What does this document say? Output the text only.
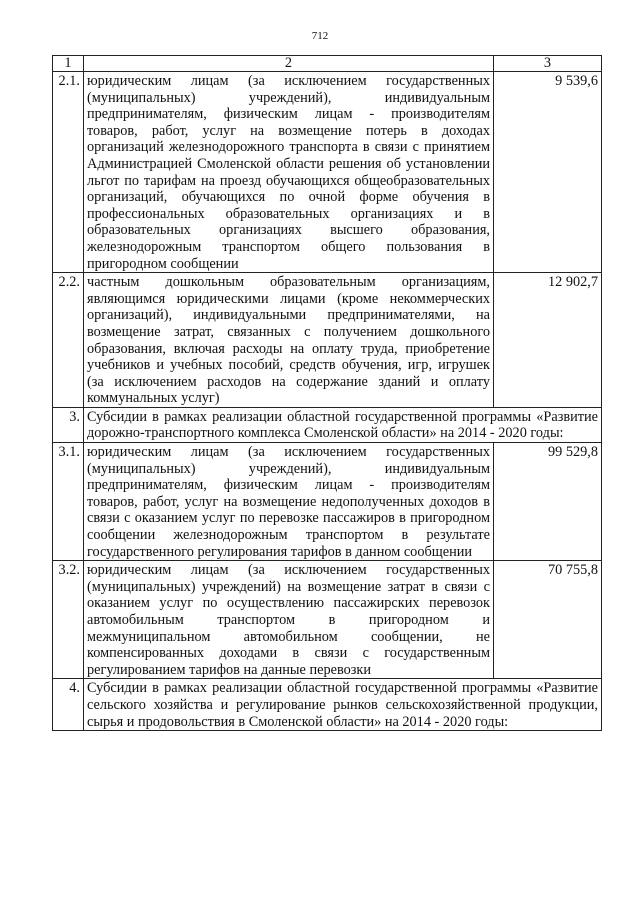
712
1	2	3
2.1.	юридическим лицам (за исключением государственных (муниципальных) учреждений), индивидуальным предпринимателям, физическим лицам - производителям товаров, работ, услуг на возмещение потерь в доходах организаций железнодорожного транспорта в связи с принятием Администрацией Смоленской области решения об установлении льгот по тарифам на проезд обучающихся общеобразовательных организаций, обучающихся по очной форме обучения в профессиональных образовательных организациях и в образовательных организациях высшего образования, железнодорожным транспортом общего пользования в пригородном сообщении	9 539,6
2.2.	частным дошкольным образовательным организациям, являющимся юридическими лицами (кроме некоммерческих организаций), индивидуальными предпринимателями, на возмещение затрат, связанных с получением дошкольного образования, включая расходы на оплату труда, приобретение учебников и учебных пособий, средств обучения, игр, игрушек (за исключением расходов на содержание зданий и оплату коммунальных услуг)	12 902,7
3.	Субсидии в рамках реализации областной государственной программы «Развитие дорожно-транспортного комплекса Смоленской области» на 2014 - 2020 годы:	
3.1.	юридическим лицам (за исключением государственных (муниципальных) учреждений), индивидуальным предпринимателям, физическим лицам - производителям товаров, работ, услуг на возмещение недополученных доходов в связи с оказанием услуг по перевозке пассажиров в пригородном сообщении железнодорожным транспортом в результате государственного регулирования тарифов в данном сообщении	99 529,8
3.2.	юридическим лицам (за исключением государственных (муниципальных) учреждений) на возмещение затрат в связи с оказанием услуг по осуществлению пассажирских перевозок автомобильным транспортом в пригородном и межмуниципальном автомобильном сообщении, не компенсированных доходами в связи с государственным регулированием тарифов на данные перевозки	70 755,8
4.	Субсидии в рамках реализации областной государственной программы «Развитие сельского хозяйства и регулирование рынков сельскохозяйственной продукции, сырья и продовольствия в Смоленской области» на 2014 - 2020 годы:	
